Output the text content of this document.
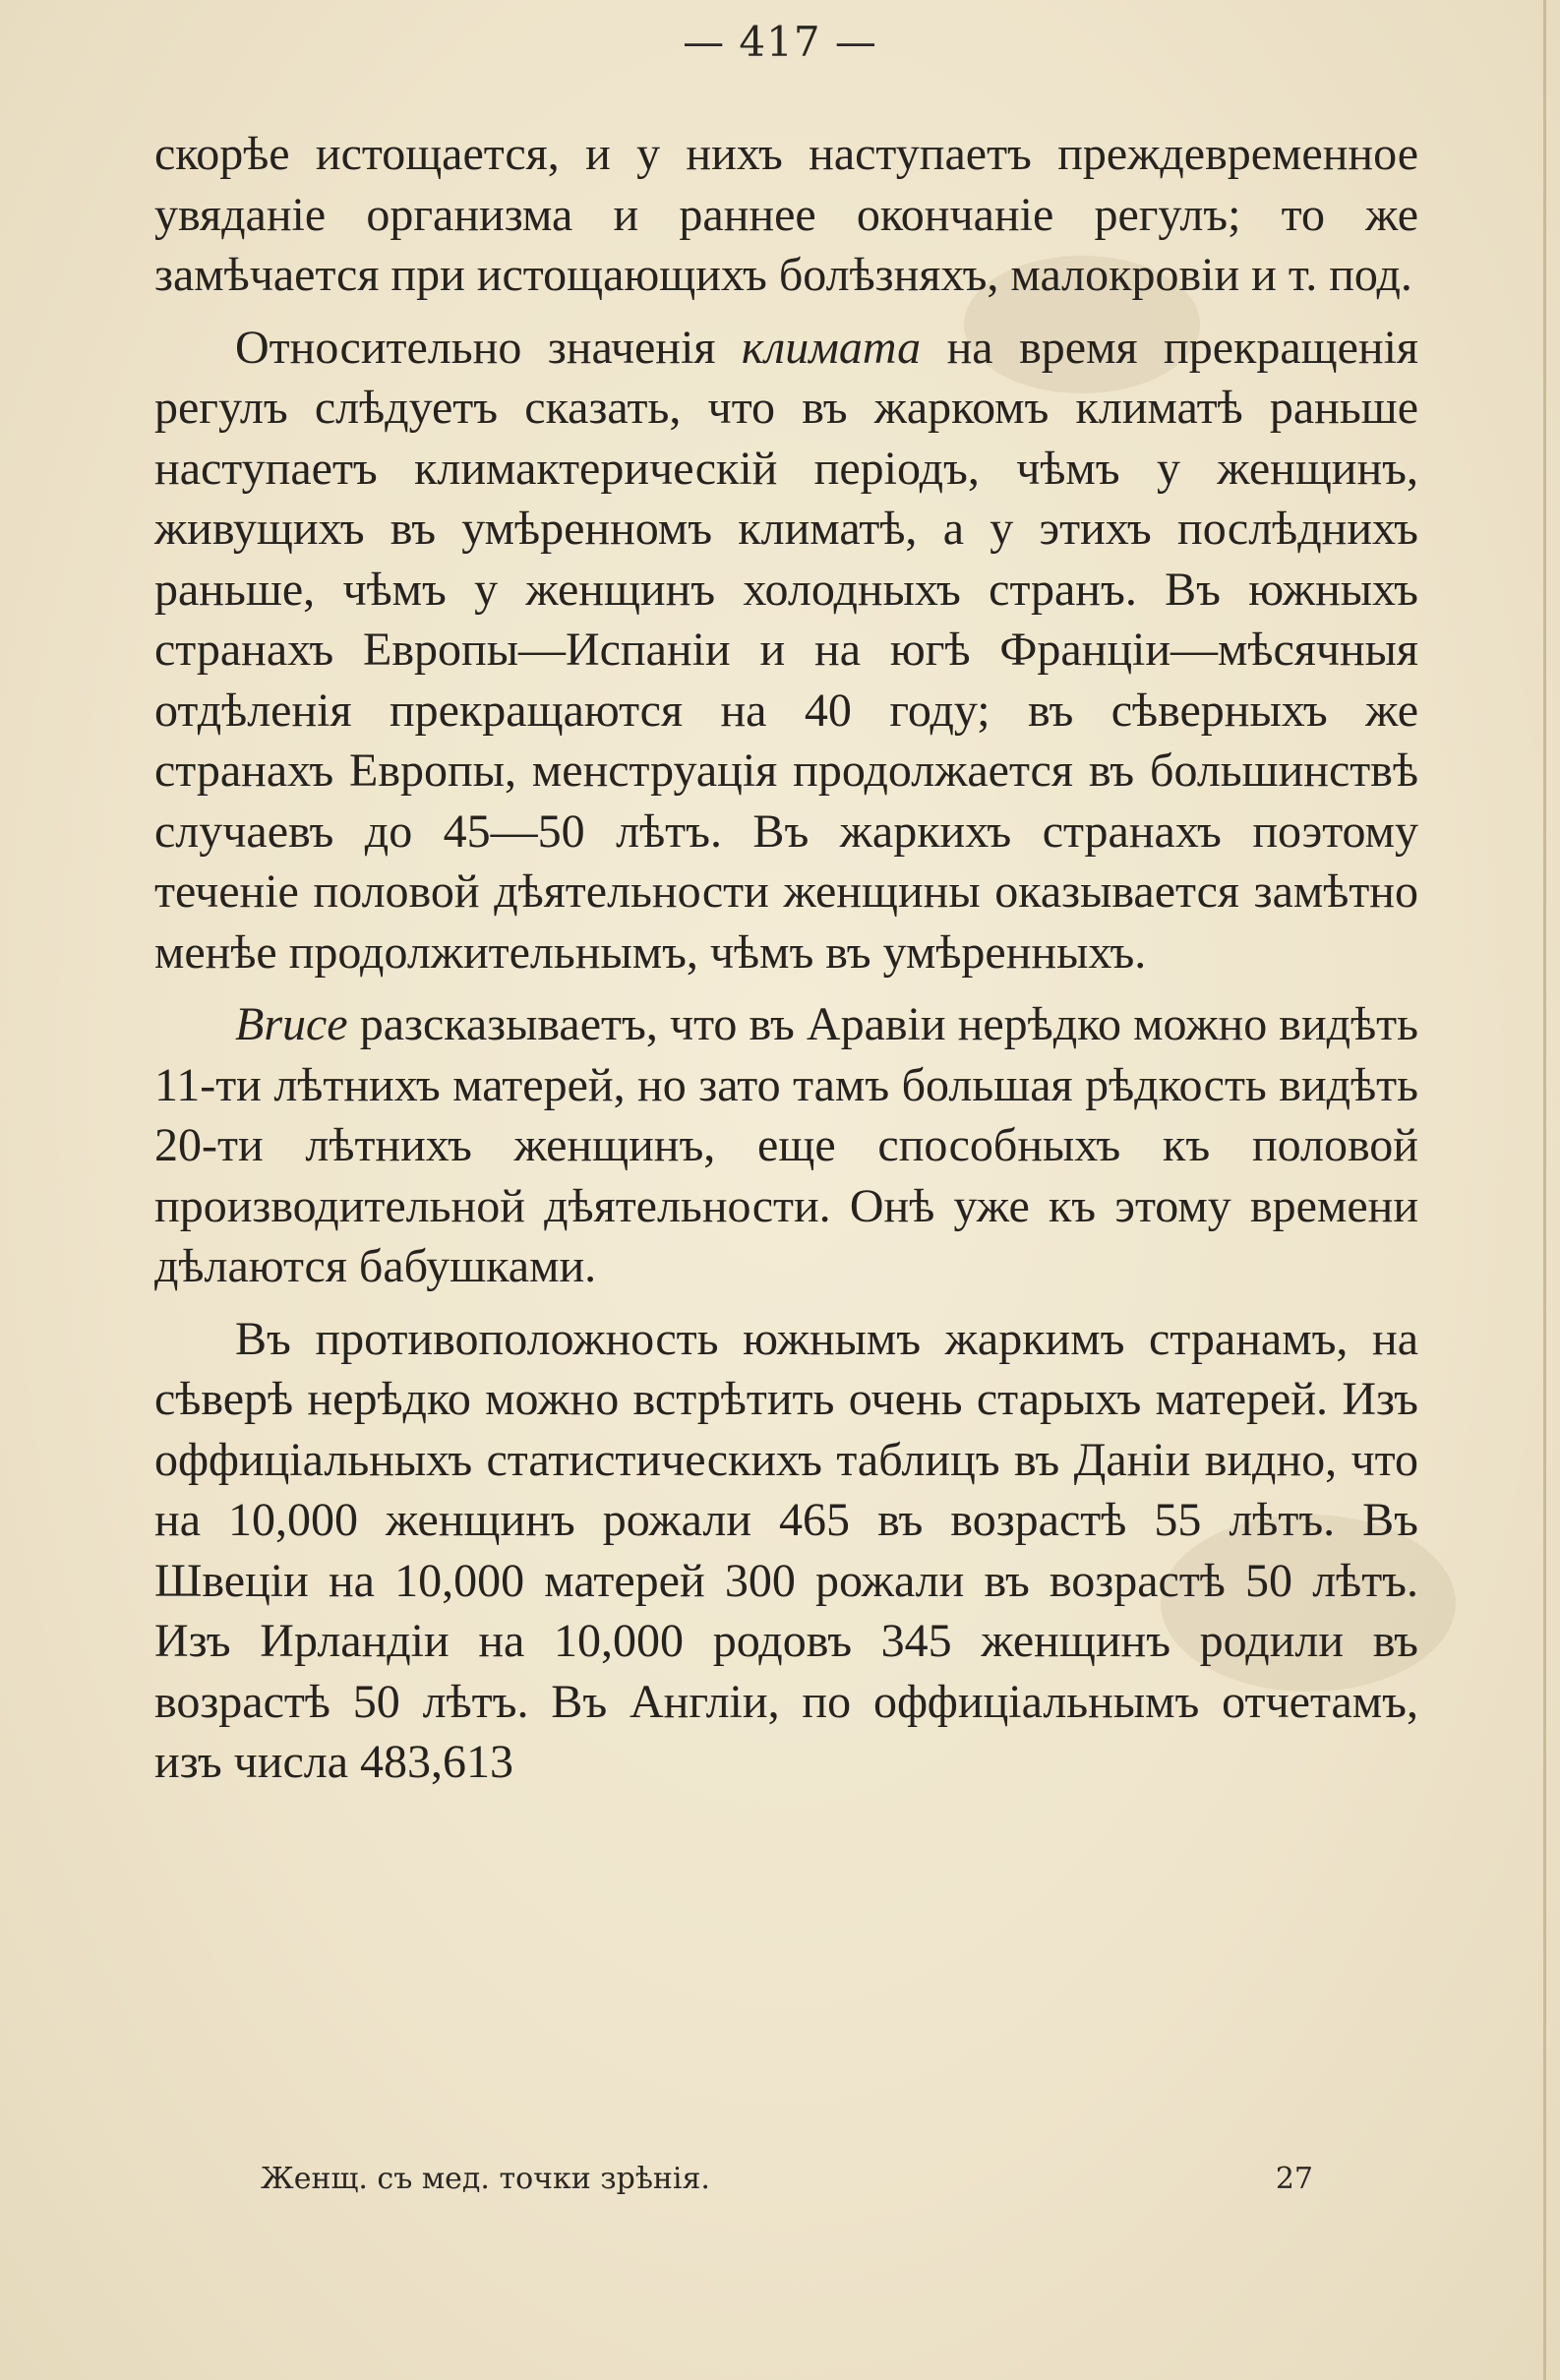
— 417 —

скорѣе истощается, и у нихъ наступаетъ преждевременное увяданіе организма и раннее окончаніе регулъ; то же замѣчается при истощающихъ болѣзняхъ, малокровіи и т. под.

Относительно значенія климата на время прекращенія регулъ слѣдуетъ сказать, что въ жаркомъ климатѣ раньше наступаетъ климактерическій періодъ, чѣмъ у женщинъ, живущихъ въ умѣренномъ климатѣ, а у этихъ послѣднихъ раньше, чѣмъ у женщинъ холодныхъ странъ. Въ южныхъ странахъ Европы—Испаніи и на югѣ Франціи—мѣсячныя отдѣленія прекращаются на 40 году; въ сѣверныхъ же странахъ Европы, менструація продолжается въ большинствѣ случаевъ до 45—50 лѣтъ. Въ жаркихъ странахъ поэтому теченіе половой дѣятельности женщины оказывается замѣтно менѣе продолжительнымъ, чѣмъ въ умѣренныхъ.

Bruce разсказываетъ, что въ Аравіи нерѣдко можно видѣть 11-ти лѣтнихъ матерей, но зато тамъ большая рѣдкость видѣть 20-ти лѣтнихъ женщинъ, еще способныхъ къ половой производительной дѣятельности. Онѣ уже къ этому времени дѣлаются бабушками.

Въ противоположность южнымъ жаркимъ странамъ, на сѣверѣ нерѣдко можно встрѣтить очень старыхъ матерей. Изъ оффиціальныхъ статистическихъ таблицъ въ Даніи видно, что на 10,000 женщинъ рожали 465 въ возрастѣ 55 лѣтъ. Въ Швеціи на 10,000 матерей 300 рожали въ возрастѣ 50 лѣтъ. Изъ Ирландіи на 10,000 родовъ 345 женщинъ родили въ возрастѣ 50 лѣтъ. Въ Англіи, по оффиціальнымъ отчетамъ, изъ числа 483,613

Женщ. съ мед. точки зрѣнія.	27
